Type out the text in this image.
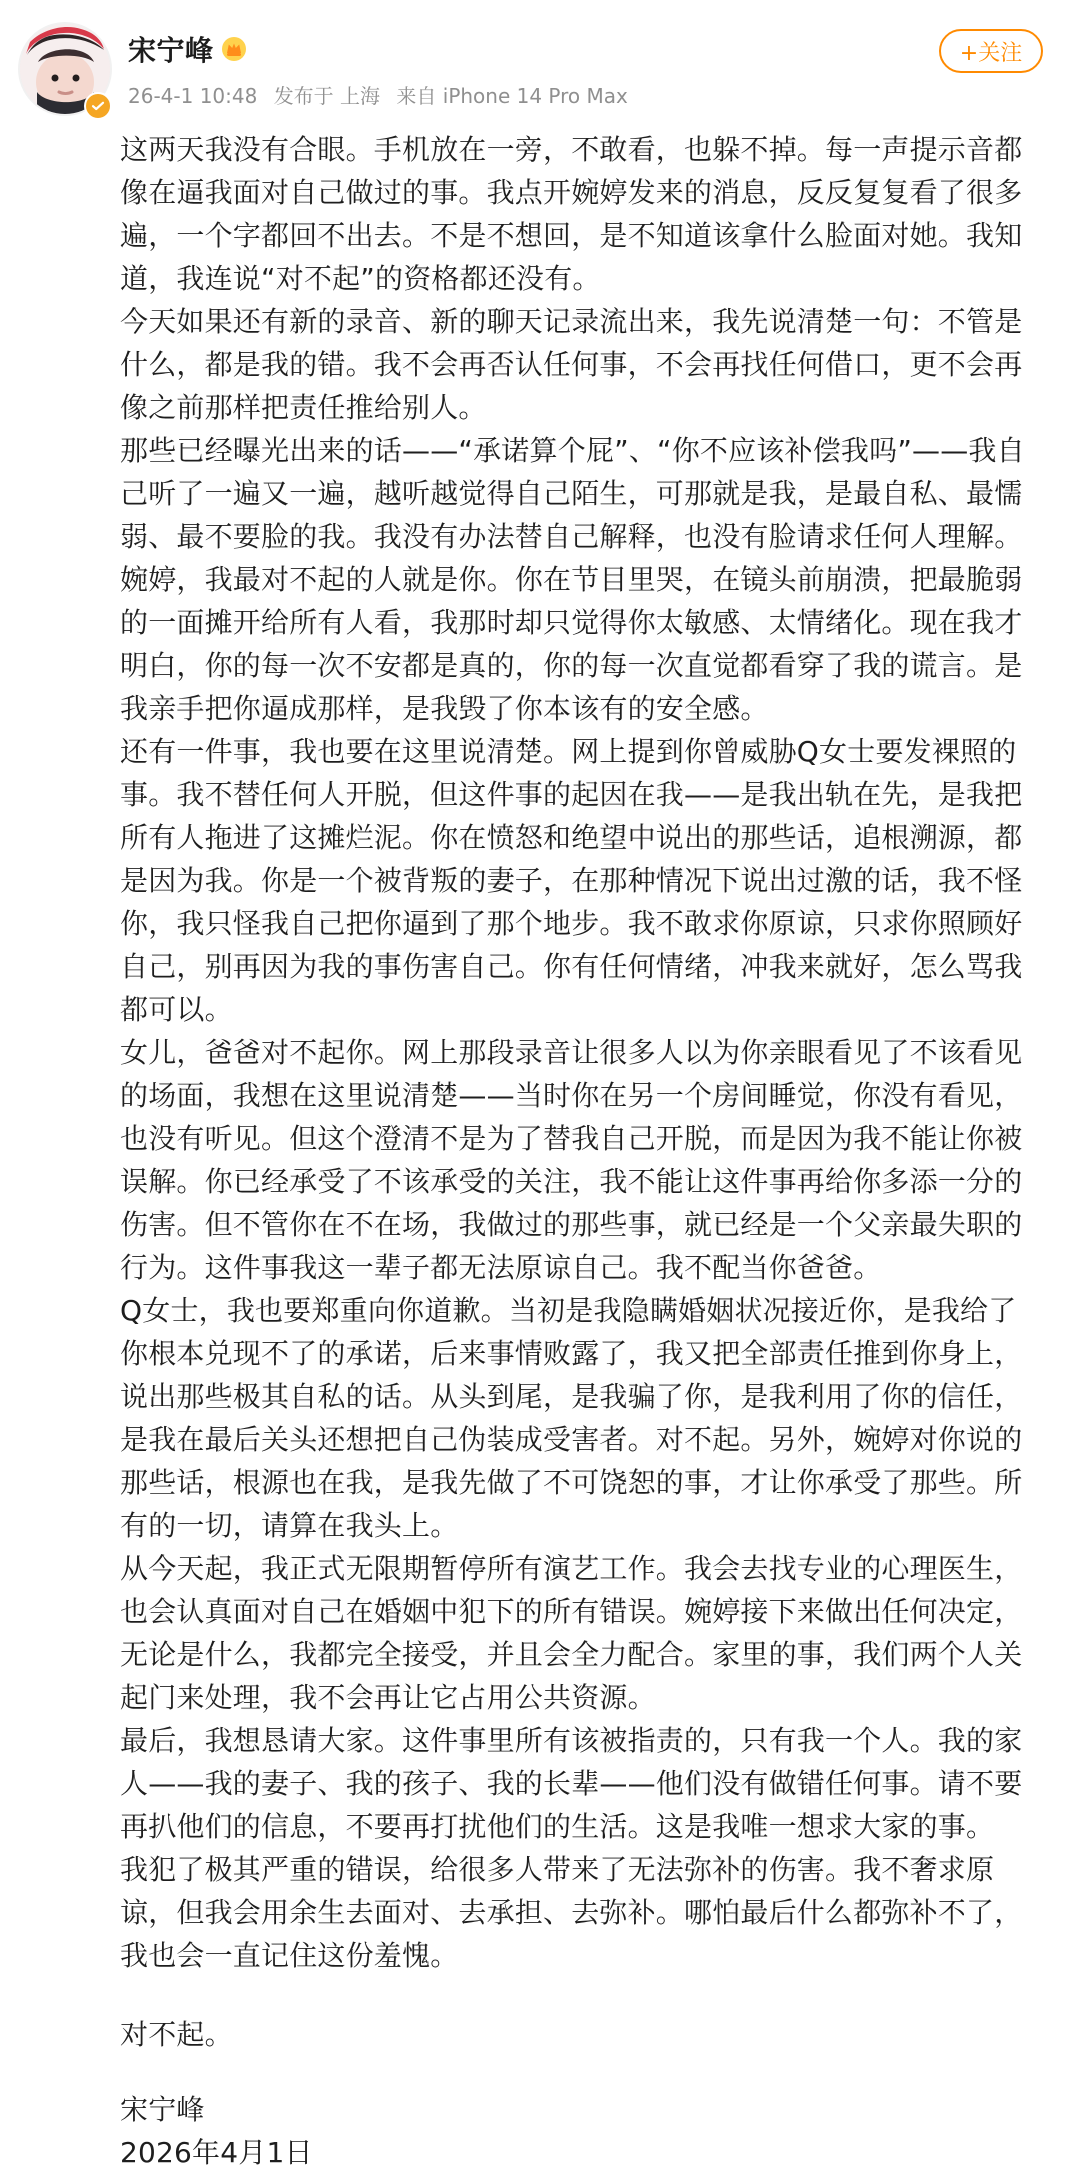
宋宁峰
26-4-1 10:48 发布于 上海 来自 iPhone 14 Pro Max
+关注

这两天我没有合眼。手机放在一旁，不敢看，也躲不掉。每一声提示音都像在逼我面对自己做过的事。我点开婉婷发来的消息，反反复复看了很多遍，一个字都回不出去。不是不想回，是不知道该拿什么脸面对她。我知道，我连说“对不起”的资格都还没有。

今天如果还有新的录音、新的聊天记录流出来，我先说清楚一句：不管是什么，都是我的错。我不会再否认任何事，不会再找任何借口，更不会再像之前那样把责任推给别人。

那些已经曝光出来的话——“承诺算个屁”、“你不应该补偿我吗”——我自己听了一遍又一遍，越听越觉得自己陌生，可那就是我，是最自私、最懦弱、最不要脸的我。我没有办法替自己解释，也没有脸请求任何人理解。

婉婷，我最对不起的人就是你。你在节目里哭，在镜头前崩溃，把最脆弱的一面摊开给所有人看，我那时却只觉得你太敏感、太情绪化。现在我才明白，你的每一次不安都是真的，你的每一次直觉都看穿了我的谎言。是我亲手把你逼成那样，是我毁了你本该有的安全感。

还有一件事，我也要在这里说清楚。网上提到你曾威胁Q女士要发裸照的事。我不替任何人开脱，但这件事的起因在我——是我出轨在先，是我把所有人拖进了这摊烂泥。你在愤怒和绝望中说出的那些话，追根溯源，都是因为我。你是一个被背叛的妻子，在那种情况下说出过激的话，我不怪你，我只怪我自己把你逼到了那个地步。我不敢求你原谅，只求你照顾好自己，别再因为我的事伤害自己。你有任何情绪，冲我来就好，怎么骂我都可以。

女儿，爸爸对不起你。网上那段录音让很多人以为你亲眼看见了不该看见的场面，我想在这里说清楚——当时你在另一个房间睡觉，你没有看见，也没有听见。但这个澄清不是为了替我自己开脱，而是因为我不能让你被误解。你已经承受了不该承受的关注，我不能让这件事再给你多添一分的伤害。但不管你在不在场，我做过的那些事，就已经是一个父亲最失职的行为。这件事我这一辈子都无法原谅自己。我不配当你爸爸。

Q女士，我也要郑重向你道歉。当初是我隐瞒婚姻状况接近你，是我给了你根本兑现不了的承诺，后来事情败露了，我又把全部责任推到你身上，说出那些极其自私的话。从头到尾，是我骗了你，是我利用了你的信任，是我在最后关头还想把自己伪装成受害者。对不起。另外，婉婷对你说的那些话，根源也在我，是我先做了不可饶恕的事，才让你承受了那些。所有的一切，请算在我头上。

从今天起，我正式无限期暂停所有演艺工作。我会去找专业的心理医生，也会认真面对自己在婚姻中犯下的所有错误。婉婷接下来做出任何决定，无论是什么，我都完全接受，并且会全力配合。家里的事，我们两个人关起门来处理，我不会再让它占用公共资源。

最后，我想恳请大家。这件事里所有该被指责的，只有我一个人。我的家人——我的妻子、我的孩子、我的长辈——他们没有做错任何事。请不要再扒他们的信息，不要再打扰他们的生活。这是我唯一想求大家的事。

我犯了极其严重的错误，给很多人带来了无法弥补的伤害。我不奢求原谅，但我会用余生去面对、去承担、去弥补。哪怕最后什么都弥补不了，我也会一直记住这份羞愧。

对不起。

宋宁峰

2026年4月1日
